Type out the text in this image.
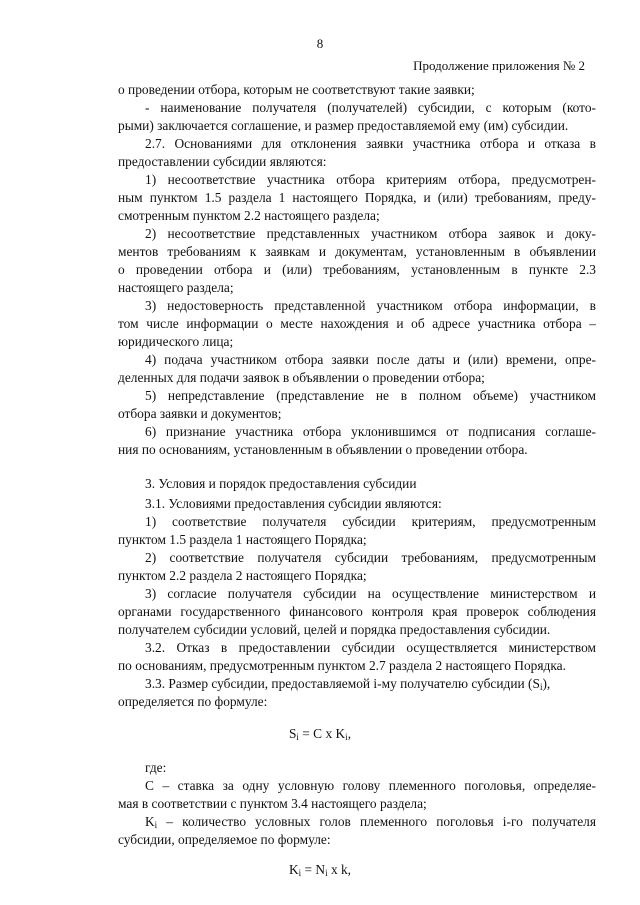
8
Продолжение приложения № 2
о проведении отбора, которым не соответствуют такие заявки;
- наименование получателя (получателей) субсидии, с которым (кото-
рыми) заключается соглашение, и размер предоставляемой ему (им) субсидии.
2.7. Основаниями для отклонения заявки участника отбора и отказа в
предоставлении субсидии являются:
1) несоответствие участника отбора критериям отбора, предусмотрен-
ным пунктом 1.5 раздела 1 настоящего Порядка, и (или) требованиям, преду-
смотренным пунктом 2.2 настоящего раздела;
2) несоответствие представленных участником отбора заявок и доку-
ментов требованиям к заявкам и документам, установленным в объявлении
о проведении отбора и (или) требованиям, установленным в пункте 2.3
настоящего раздела;
3) недостоверность представленной участником отбора информации, в
том числе информации о месте нахождения и об адресе участника отбора –
юридического лица;
4) подача участником отбора заявки после даты и (или) времени, опре-
деленных для подачи заявок в объявлении о проведении отбора;
5) непредставление (представление не в полном объеме) участником
отбора заявки и документов;
6) признание участника отбора уклонившимся от подписания соглаше-
ния по основаниям, установленным в объявлении о проведении отбора.
3. Условия и порядок предоставления субсидии
3.1. Условиями предоставления субсидии являются:
1) соответствие получателя субсидии критериям, предусмотренным
пунктом 1.5 раздела 1 настоящего Порядка;
2) соответствие получателя субсидии требованиям, предусмотренным
пунктом 2.2 раздела 2 настоящего Порядка;
3) согласие получателя субсидии на осуществление министерством и
органами государственного финансового контроля края проверок соблюдения
получателем субсидии условий, целей и порядка предоставления субсидии.
3.2. Отказ в предоставлении субсидии осуществляется министерством
по основаниям, предусмотренным пунктом 2.7 раздела 2 настоящего Порядка.
3.3. Размер субсидии, предоставляемой i-му получателю субсидии $(S_i)$,
определяется по формуле:
$S_i = С$ х $K_i$,
где:
С – ставка за одну условную голову племенного поголовья, определяе-
мая в соответствии с пунктом 3.4 настоящего раздела;
$K_i$ – количество условных голов племенного поголовья i-го получателя
субсидии, определяемое по формуле:
$K_i = N_i$ x k,
